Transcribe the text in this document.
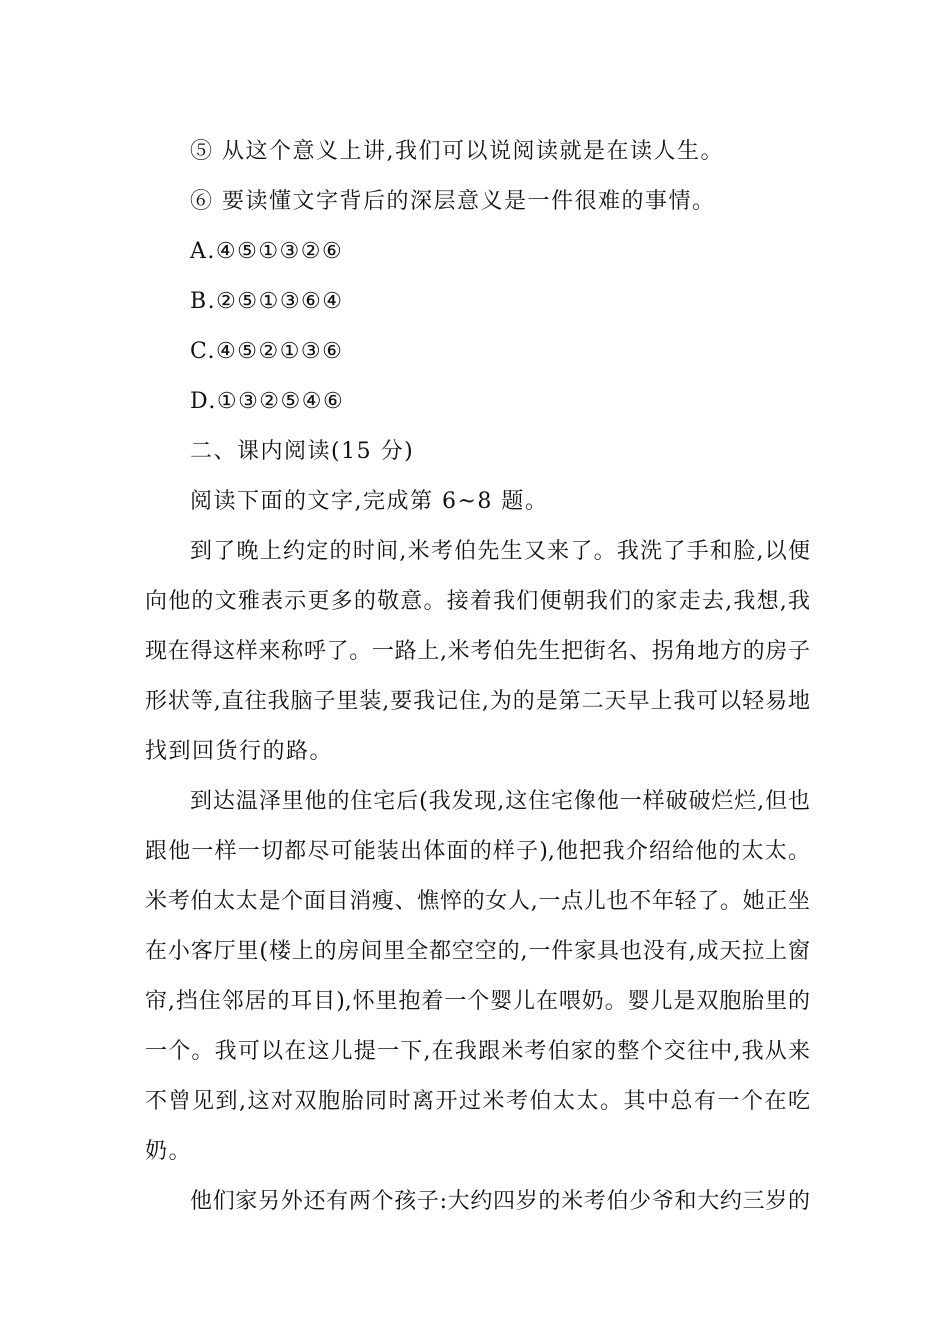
⑤ 从这个意义上讲,我们可以说阅读就是在读人生。
⑥ 要读懂文字背后的深层意义是一件很难的事情。
A.④⑤①③②⑥
B.②⑤①③⑥④
C.④⑤②①③⑥
D.①③②⑤④⑥
二、课内阅读(15 分)
阅读下面的文字,完成第 6~8 题。
到了晚上约定的时间,米考伯先生又来了。我洗了手和脸,以便
向他的文雅表示更多的敬意。接着我们便朝我们的家走去,我想,我
现在得这样来称呼了。一路上,米考伯先生把街名、拐角地方的房子
形状等,直往我脑子里装,要我记住,为的是第二天早上我可以轻易地
找到回货行的路。
到达温泽里他的住宅后(我发现,这住宅像他一样破破烂烂,但也
跟他一样一切都尽可能装出体面的样子),他把我介绍给他的太太。
米考伯太太是个面目消瘦、憔悴的女人,一点儿也不年轻了。她正坐
在小客厅里(楼上的房间里全都空空的,一件家具也没有,成天拉上窗
帘,挡住邻居的耳目),怀里抱着一个婴儿在喂奶。婴儿是双胞胎里的
一个。我可以在这儿提一下,在我跟米考伯家的整个交往中,我从来
不曾见到,这对双胞胎同时离开过米考伯太太。其中总有一个在吃
奶。
他们家另外还有两个孩子:大约四岁的米考伯少爷和大约三岁的
